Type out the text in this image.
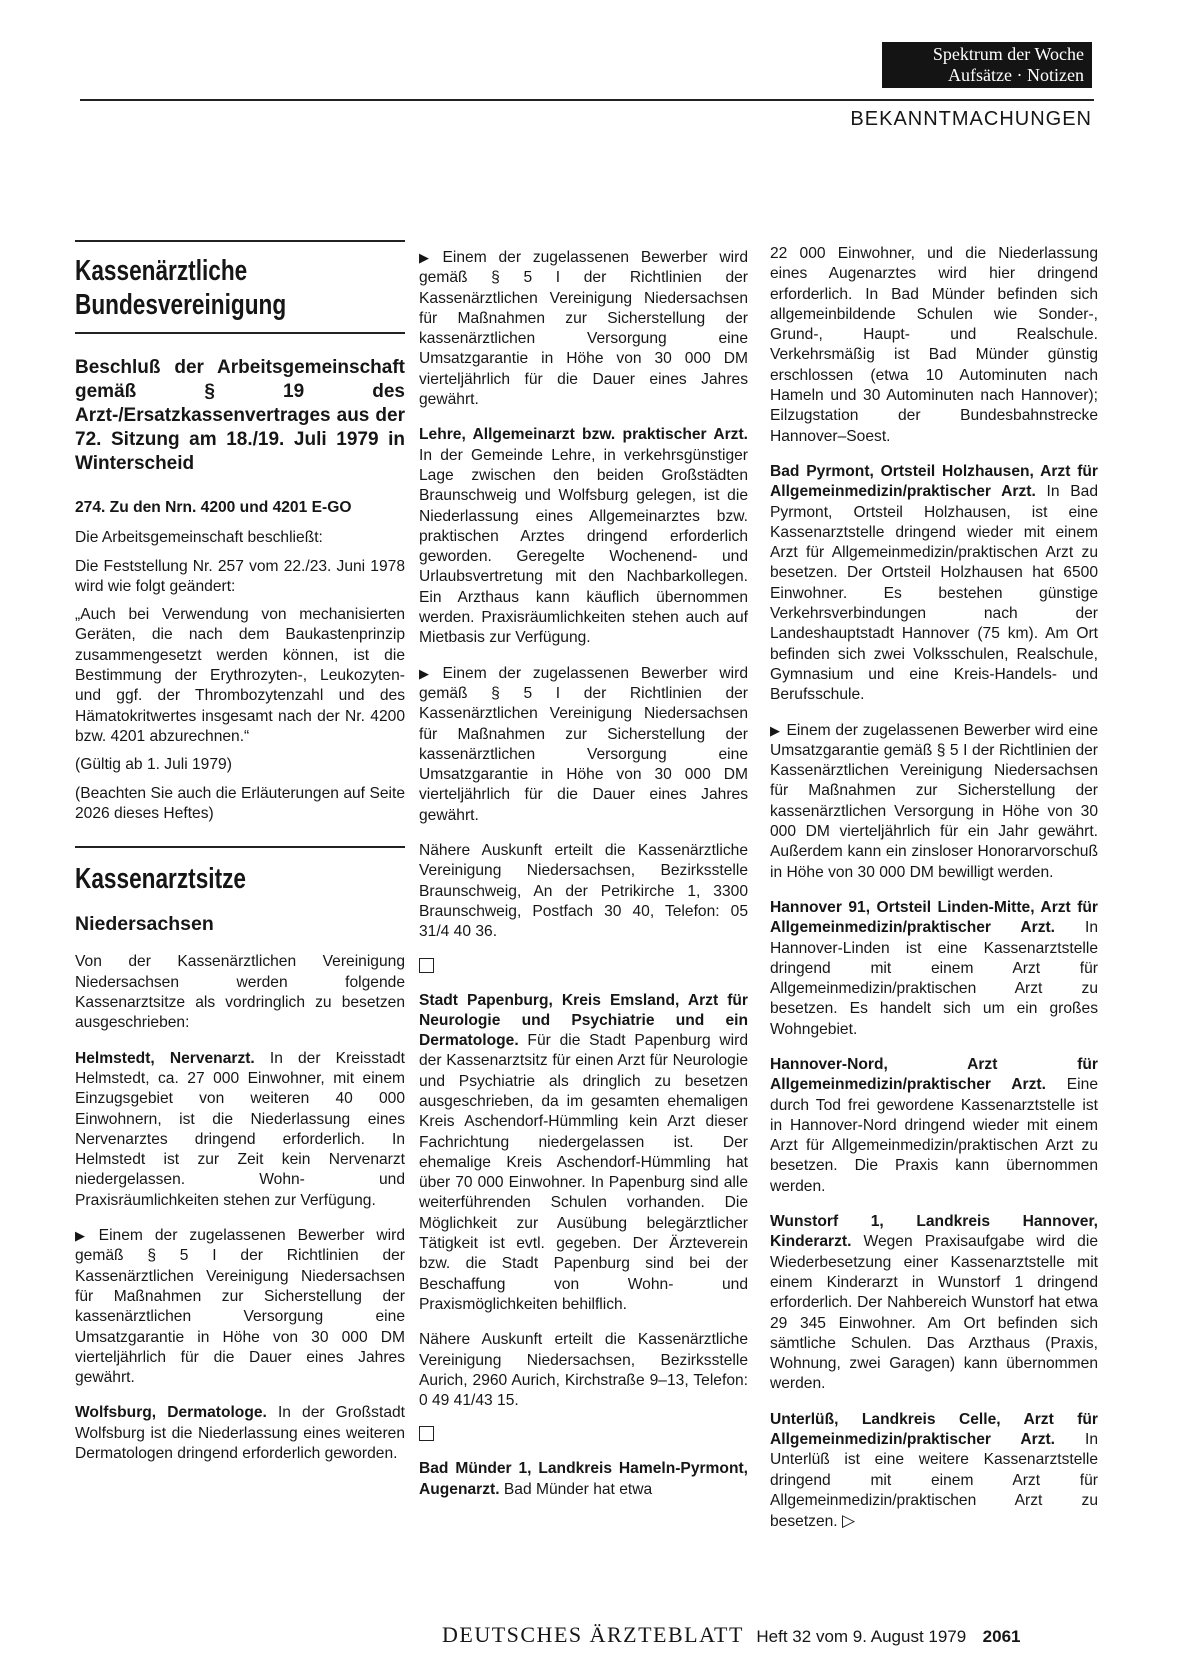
Spektrum der Woche
Aufsätze · Notizen
BEKANNTMACHUNGEN
Kassenärztliche
Bundesvereinigung
Beschluß der Arbeitsgemeinschaft gemäß § 19 des Arzt-/Ersatzkassenvertrages aus der 72. Sitzung am 18./19. Juli 1979 in Winterscheid
274. Zu den Nrn. 4200 und 4201 E-GO

Die Arbeitsgemeinschaft beschließt:

Die Feststellung Nr. 257 vom 22./23. Juni 1978 wird wie folgt geändert:

„Auch bei Verwendung von mechanisierten Geräten, die nach dem Baukastenprinzip zusammengesetzt werden können, ist die Bestimmung der Erythrozyten-, Leukozyten- und ggf. der Thrombozytenzahl und des Hämatokritwertes insgesamt nach der Nr. 4200 bzw. 4201 abzurechnen.“

(Gültig ab 1. Juli 1979)

(Beachten Sie auch die Erläuterungen auf Seite 2026 dieses Heftes)

Kassenarztsitze
Niedersachsen

Von der Kassenärztlichen Vereinigung Niedersachsen werden folgende Kassenarztsitze als vordringlich zu besetzen ausgeschrieben:

Helmstedt, Nervenarzt. In der Kreisstadt Helmstedt, ca. 27 000 Einwohner, mit einem Einzugsgebiet von weiteren 40 000 Einwohnern, ist die Niederlassung eines Nervenarztes dringend erforderlich. In Helmstedt ist zur Zeit kein Nervenarzt niedergelassen. Wohn- und Praxisräumlichkeiten stehen zur Verfügung.

▶ Einem der zugelassenen Bewerber wird gemäß § 5 I der Richtlinien der Kassenärztlichen Vereinigung Niedersachsen für Maßnahmen zur Sicherstellung der kassenärztlichen Versorgung eine Umsatzgarantie in Höhe von 30 000 DM vierteljährlich für die Dauer eines Jahres gewährt.

Wolfsburg, Dermatologe. In der Großstadt Wolfsburg ist die Niederlassung eines weiteren Dermatologen dringend erforderlich geworden.

▶ Einem der zugelassenen Bewerber wird gemäß § 5 I der Richtlinien der Kassenärztlichen Vereinigung Niedersachsen für Maßnahmen zur Sicherstellung der kassenärztlichen Versorgung eine Umsatzgarantie in Höhe von 30 000 DM vierteljährlich für die Dauer eines Jahres gewährt.

Lehre, Allgemeinarzt bzw. praktischer Arzt. In der Gemeinde Lehre, in verkehrsgünstiger Lage zwischen den beiden Großstädten Braunschweig und Wolfsburg gelegen, ist die Niederlassung eines Allgemeinarztes bzw. praktischen Arztes dringend erforderlich geworden. Geregelte Wochenend- und Urlaubsvertretung mit den Nachbarkollegen. Ein Arzthaus kann käuflich übernommen werden. Praxisräumlichkeiten stehen auch auf Mietbasis zur Verfügung.

▶ Einem der zugelassenen Bewerber wird gemäß § 5 I der Richtlinien der Kassenärztlichen Vereinigung Niedersachsen für Maßnahmen zur Sicherstellung der kassenärztlichen Versorgung eine Umsatzgarantie in Höhe von 30 000 DM vierteljährlich für die Dauer eines Jahres gewährt.

Nähere Auskunft erteilt die Kassenärztliche Vereinigung Niedersachsen, Bezirksstelle Braunschweig, An der Petrikirche 1, 3300 Braunschweig, Postfach 30 40, Telefon: 05 31/4 40 36.

Stadt Papenburg, Kreis Emsland, Arzt für Neurologie und Psychiatrie und ein Dermatologe. Für die Stadt Papenburg wird der Kassenarztsitz für einen Arzt für Neurologie und Psychiatrie als dringlich zu besetzen ausgeschrieben, da im gesamten ehemaligen Kreis Aschendorf-Hümmling kein Arzt dieser Fachrichtung niedergelassen ist. Der ehemalige Kreis Aschendorf-Hümmling hat über 70 000 Einwohner. In Papenburg sind alle weiterführenden Schulen vorhanden. Die Möglichkeit zur Ausübung belegärztlicher Tätigkeit ist evtl. gegeben. Der Ärzteverein bzw. die Stadt Papenburg sind bei der Beschaffung von Wohn- und Praxismöglichkeiten behilflich.

Nähere Auskunft erteilt die Kassenärztliche Vereinigung Niedersachsen, Bezirksstelle Aurich, 2960 Aurich, Kirchstraße 9–13, Telefon: 0 49 41/43 15.

Bad Münder 1, Landkreis Hameln-Pyrmont, Augenarzt. Bad Münder hat etwa

22 000 Einwohner, und die Niederlassung eines Augenarztes wird hier dringend erforderlich. In Bad Münder befinden sich allgemeinbildende Schulen wie Sonder-, Grund-, Haupt- und Realschule. Verkehrsmäßig ist Bad Münder günstig erschlossen (etwa 10 Autominuten nach Hameln und 30 Autominuten nach Hannover); Eilzugstation der Bundesbahnstrecke Hannover–Soest.

Bad Pyrmont, Ortsteil Holzhausen, Arzt für Allgemeinmedizin/praktischer Arzt. In Bad Pyrmont, Ortsteil Holzhausen, ist eine Kassenarztstelle dringend wieder mit einem Arzt für Allgemeinmedizin/praktischen Arzt zu besetzen. Der Ortsteil Holzhausen hat 6500 Einwohner. Es bestehen günstige Verkehrsverbindungen nach der Landeshauptstadt Hannover (75 km). Am Ort befinden sich zwei Volksschulen, Realschule, Gymnasium und eine Kreis-Handels- und Berufsschule.

▶ Einem der zugelassenen Bewerber wird eine Umsatzgarantie gemäß § 5 I der Richtlinien der Kassenärztlichen Vereinigung Niedersachsen für Maßnahmen zur Sicherstellung der kassenärztlichen Versorgung in Höhe von 30 000 DM vierteljährlich für ein Jahr gewährt. Außerdem kann ein zinsloser Honorarvorschuß in Höhe von 30 000 DM bewilligt werden.

Hannover 91, Ortsteil Linden-Mitte, Arzt für Allgemeinmedizin/praktischer Arzt. In Hannover-Linden ist eine Kassenarztstelle dringend mit einem Arzt für Allgemeinmedizin/praktischen Arzt zu besetzen. Es handelt sich um ein großes Wohngebiet.

Hannover-Nord, Arzt für Allgemeinmedizin/praktischer Arzt. Eine durch Tod frei gewordene Kassenarztstelle ist in Hannover-Nord dringend wieder mit einem Arzt für Allgemeinmedizin/praktischen Arzt zu besetzen. Die Praxis kann übernommen werden.

Wunstorf 1, Landkreis Hannover, Kinderarzt. Wegen Praxisaufgabe wird die Wiederbesetzung einer Kassenarztstelle mit einem Kinderarzt in Wunstorf 1 dringend erforderlich. Der Nahbereich Wunstorf hat etwa 29 345 Einwohner. Am Ort befinden sich sämtliche Schulen. Das Arzthaus (Praxis, Wohnung, zwei Garagen) kann übernommen werden.

Unterlüß, Landkreis Celle, Arzt für Allgemeinmedizin/praktischer Arzt. In Unterlüß ist eine weitere Kassenarztstelle dringend mit einem Arzt für Allgemeinmedizin/praktischen Arzt zu besetzen. ▷

DEUTSCHES ÄRZTEBLATT Heft 32 vom 9. August 1979 2061
